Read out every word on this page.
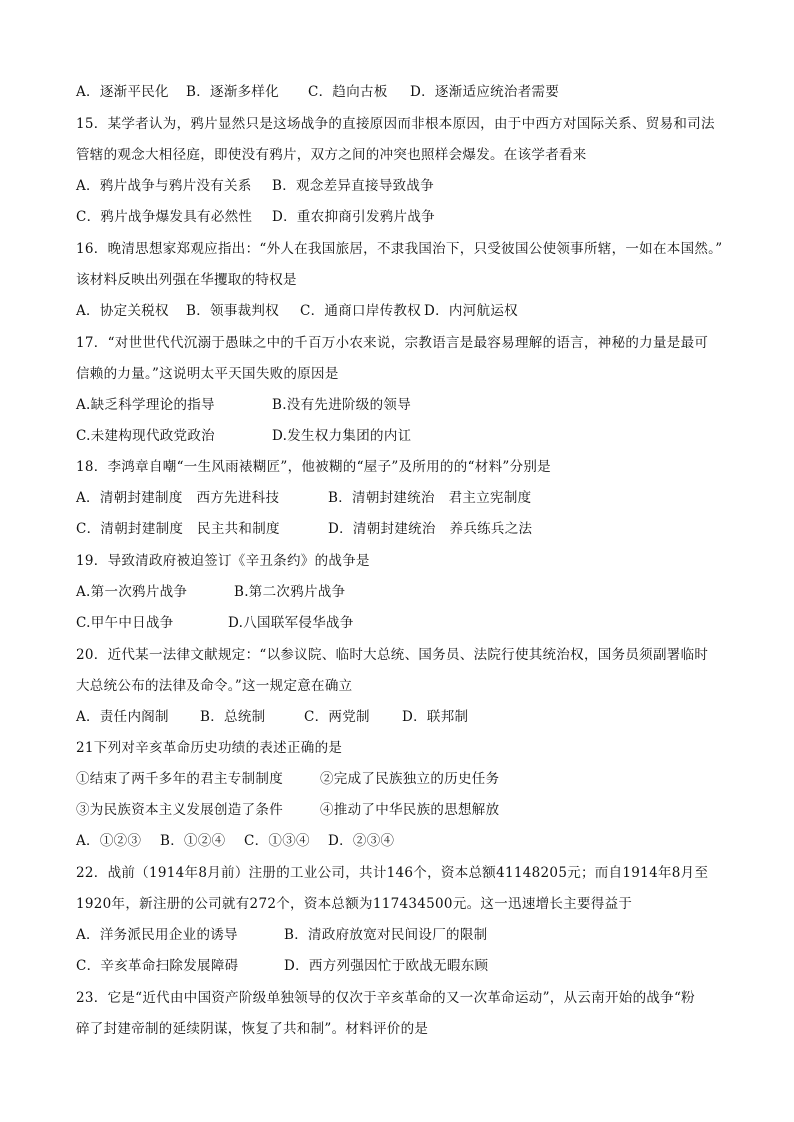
A．逐渐平民化 B．逐渐多样化 C．趋向古板 D．逐渐适应统治者需要
15．某学者认为，鸦片显然只是这场战争的直接原因而非根本原因，由于中西方对国际关系、贸易和司法
管辖的观念大相径庭，即使没有鸦片，双方之间的冲突也照样会爆发。在该学者看来
A．鸦片战争与鸦片没有关系 B．观念差异直接导致战争
C．鸦片战争爆发具有必然性 D．重农抑商引发鸦片战争
16．晚清思想家郑观应指出：“外人在我国旅居，不隶我国治下，只受彼国公使领事所辖，一如在本国然。”
该材料反映出列强在华攫取的特权是
A．协定关税权 B．领事裁判权 C．通商口岸传教权 D．内河航运权
17．“对世世代代沉溺于愚昧之中的千百万小农来说，宗教语言是最容易理解的语言，神秘的力量是最可
信赖的力量。”这说明太平天国失败的原因是
A.缺乏科学理论的指导	B.没有先进阶级的领导
C.未建构现代政党政治	D.发生权力集团的内讧
18．李鸿章自嘲“一生风雨裱糊匠”，他被糊的“屋子”及所用的的“材料”分别是
A．清朝封建制度　西方先进科技	B．清朝封建统治　君主立宪制度
C．清朝封建制度　民主共和制度	D．清朝封建统治　养兵练兵之法
19．导致清政府被迫签订《辛丑条约》的战争是
A.第一次鸦片战争	B.第二次鸦片战争
C.甲午中日战争	D.八国联军侵华战争
20．近代某一法律文献规定：“以参议院、临时大总统、国务员、法院行使其统治权，国务员须副署临时
大总统公布的法律及命令。”这一规定意在确立
A．责任内阁制 B．总统制	C．两党制 D．联邦制
21下列对辛亥革命历史功绩的表述正确的是
①结束了两千多年的君主专制制度	②完成了民族独立的历史任务
③为民族资本主义发展创造了条件	④推动了中华民族的思想解放
A．①②③ B．①②④ C．①③④ D．②③④
22．战前（1914年8月前）注册的工业公司，共计146个，资本总额41148205元；而自1914年8月至
1920年，新注册的公司就有272个，资本总额为117434500元。这一迅速增长主要得益于
A．洋务派民用企业的诱导	B．清政府放宽对民间设厂的限制
C．辛亥革命扫除发展障碍	D．西方列强因忙于欧战无暇东顾
23．它是“近代由中国资产阶级单独领导的仅次于辛亥革命的又一次革命运动”，从云南开始的战争“粉
碎了封建帝制的延续阴谋，恢复了共和制”。材料评价的是
